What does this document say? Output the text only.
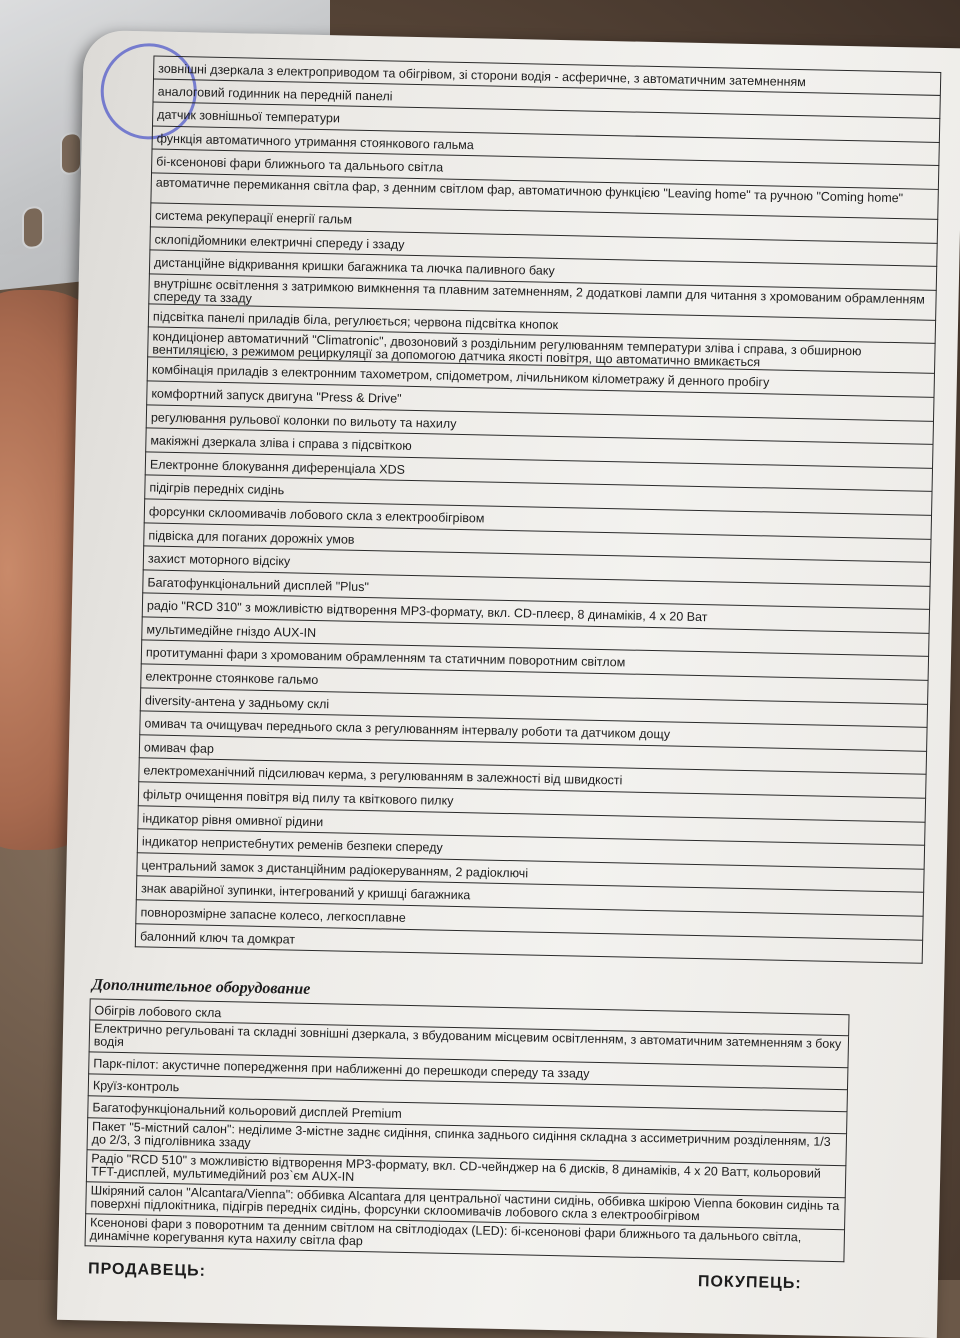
зовнішні дзеркала з електроприводом та обігрівом, зі сторони водія - асферичне, з автоматичним затемненням
аналоговий годинник на передній панелі
датчик зовнішньої температури
функція автоматичного утримання стоянкового гальма
бі-ксенонові фари ближнього та дальнього світла
автоматичне перемикання світла фар, з денним світлом фар, автоматичною функцією "Leaving home" та ручною "Coming home"
система рекуперації енергії гальм
склопідйомники електричні спереду і ззаду
дистанційне відкривання кришки багажника та лючка паливного баку
внутрішнє освітлення з затримкою вимкнення та плавним затемненням, 2 додаткові лампи для читання з хромованим обрамленням спереду та ззаду
підсвітка панелі приладів біла, регулюється; червона підсвітка кнопок
кондиціонер автоматичний "Climatronic", двозоновий з роздільним регулюванням температури зліва і справа, з обширною вентиляцією, з режимом рециркуляції за допомогою датчика якості повітря, що автоматично вмикається
комбінація приладів з електронним тахометром, спідометром, лічильником кілометражу й денного пробігу
комфортний запуск двигуна "Press & Drive"
регулювання рульової колонки по вильоту та нахилу
макіяжні дзеркала зліва і справа з підсвіткою
Електронне блокування диференціала XDS
підігрів передніх сидінь
форсунки склоомивачів лобового скла з електрообігрівом
підвіска для поганих дорожніх умов
захист моторного відсіку
Багатофункціональний дисплей "Plus"
радіо "RCD 310" з можливістю відтворення MP3-формату, вкл. CD-плеєр, 8 динаміків, 4 x 20 Ват
мультимедійне гніздо AUX-IN
протитуманні фари з хромованим обрамленням та статичним поворотним світлом
електронне стоянкове гальмо
diversity-антена у задньому склі
омивач та очищувач переднього скла з регулюванням інтервалу роботи та датчиком дощу
омивач фар
електромеханічний підсилювач керма, з регулюванням в залежності від швидкості
фільтр очищення повітря від пилу та квіткового пилку
індикатор рівня омивної рідини
індикатор непристебнутих ременів безпеки спереду
центральний замок з дистанційним радіокеруванням, 2 радіоключі
знак аварійної зупинки, інтегрований у кришці багажника
повнорозмірне запасне колесо, легкосплавне
балонний ключ та домкрат
Дополнительное оборудование
Обігрів лобового скла
Електрично регульовані та складні зовнішні дзеркала, з вбудованим місцевим освітленням, з автоматичним затемненням з боку водія
Парк-пілот: акустичне попередження при наближенні до перешкоди спереду та ззаду
Круїз-контроль
Багатофункціональний кольоровий дисплей Premium
Пакет "5-містний салон": неділиме 3-містне заднє сидіння, спинка заднього сидіння складна з ассиметричним розділенням, 1/3 до 2/3, 3 підголівника ззаду
Радіо "RCD 510" з можливістю відтворення MP3-формату, вкл. CD-чейнджер на 6 дисків, 8 динаміків, 4 х 20 Ватт, кольоровий TFT-дисплей, мультимедійний роз`єм AUX-IN
Шкіряний салон "Alcantara/Vienna": оббивка Alcantara для центральної частини сидінь, оббивка шкірою Vienna боковин сидінь та поверхні підлокітника, підігрів передніх сидінь, форсунки склоомивачів лобового скла з електрообігрівом
Ксенонові фари з поворотним та денним світлом на світлодіодах (LED): бі-ксенонові фари ближнього та дальнього світла, динамічне корегування кута нахилу світла фар
ПРОДАВЕЦЬ:
ПОКУПЕЦЬ:
